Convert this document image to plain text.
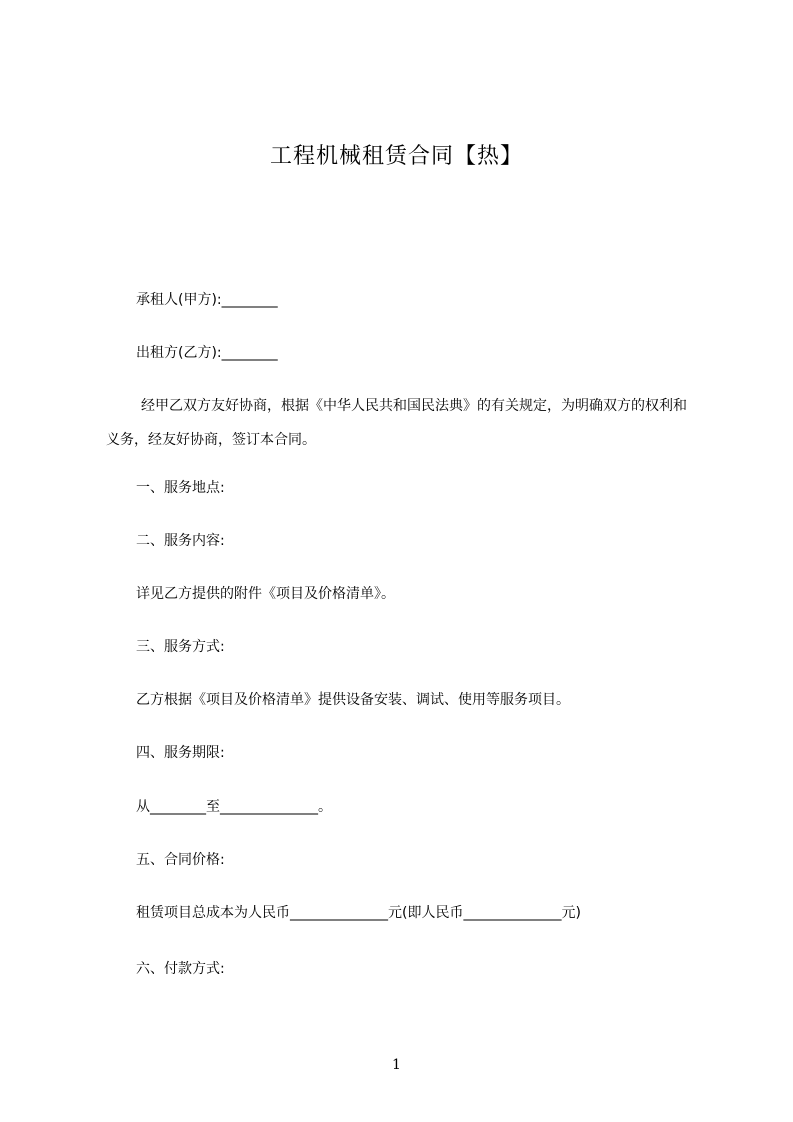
工程机械租赁合同【热】
承租人(甲方):________
出租方(乙方):________
经甲乙双方友好协商，根据《中华人民共和国民法典》的有关规定，为明确双方的权利和义务，经友好协商，签订本合同。
一、服务地点:
二、服务内容:
详见乙方提供的附件《项目及价格清单》。
三、服务方式:
乙方根据《项目及价格清单》提供设备安装、调试、使用等服务项目。
四、服务期限:
从________至______________。
五、合同价格:
租赁项目总成本为人民币______________元(即人民币______________元)
六、付款方式:
1
